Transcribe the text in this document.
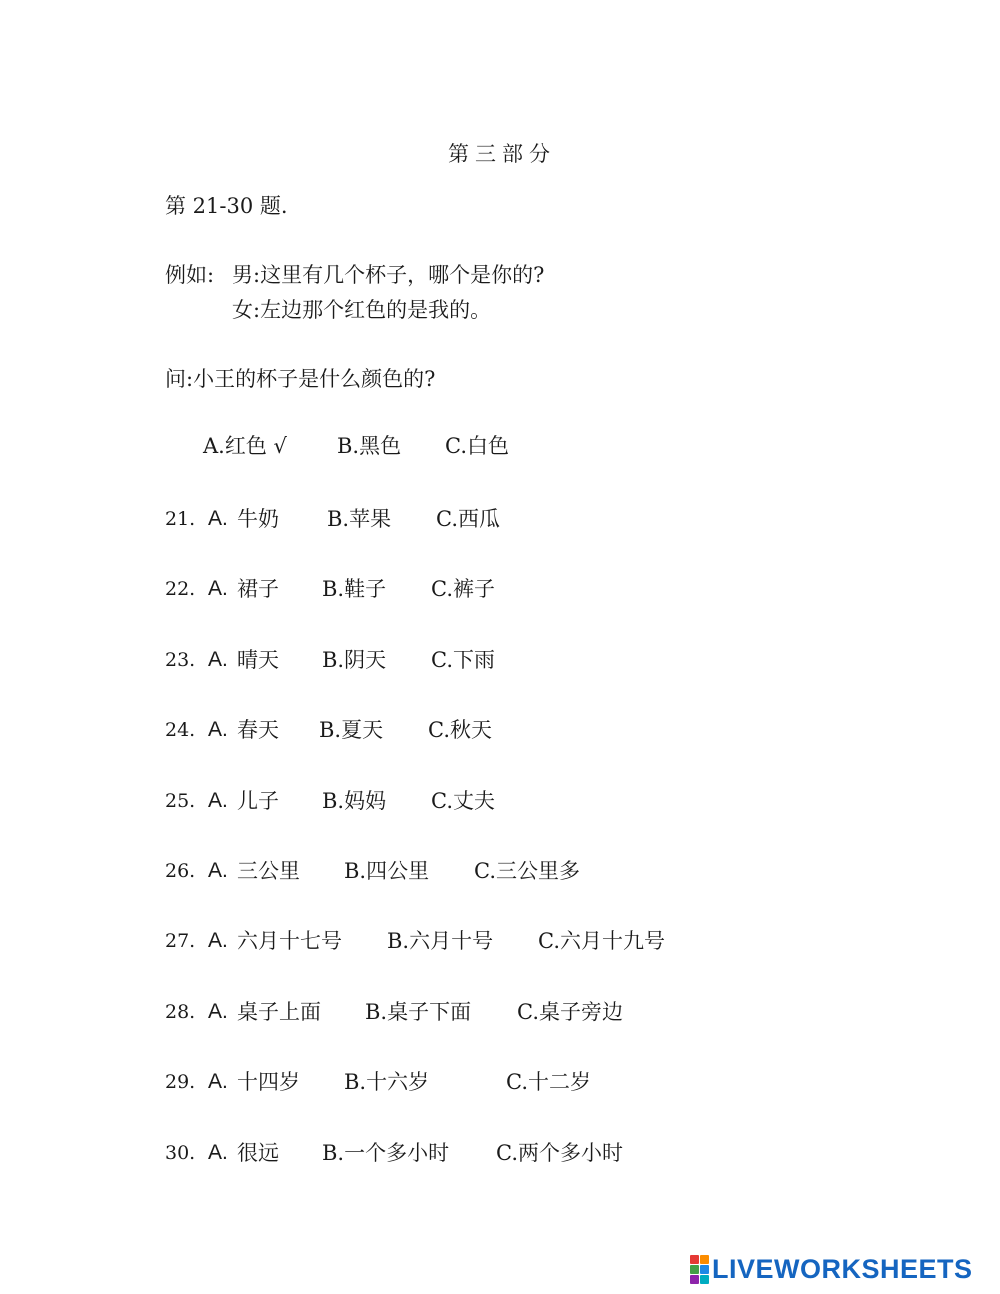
第三部分
第 21-30 题.
例如: 男:这里有几个杯子，哪个是你的?
女:左边那个红色的是我的。
问:小王的杯子是什么颜色的?
A.红色 √ B.黑色 C.白色
21. A. 牛奶 B.苹果 C.西瓜
22. A. 裙子 B.鞋子 C.裤子
23. A. 晴天 B.阴天 C.下雨
24. A. 春天 B.夏天 C.秋天
25. A. 儿子 B.妈妈 C.丈夫
26. A. 三公里 B.四公里 C.三公里多
27. A. 六月十七号 B.六月十号 C.六月十九号
28. A. 桌子上面 B.桌子下面 C.桌子旁边
29. A. 十四岁 B.十六岁	C.十二岁
30. A. 很远 B.一个多小时 C.两个多小时
LIVEWORKSHEETS
